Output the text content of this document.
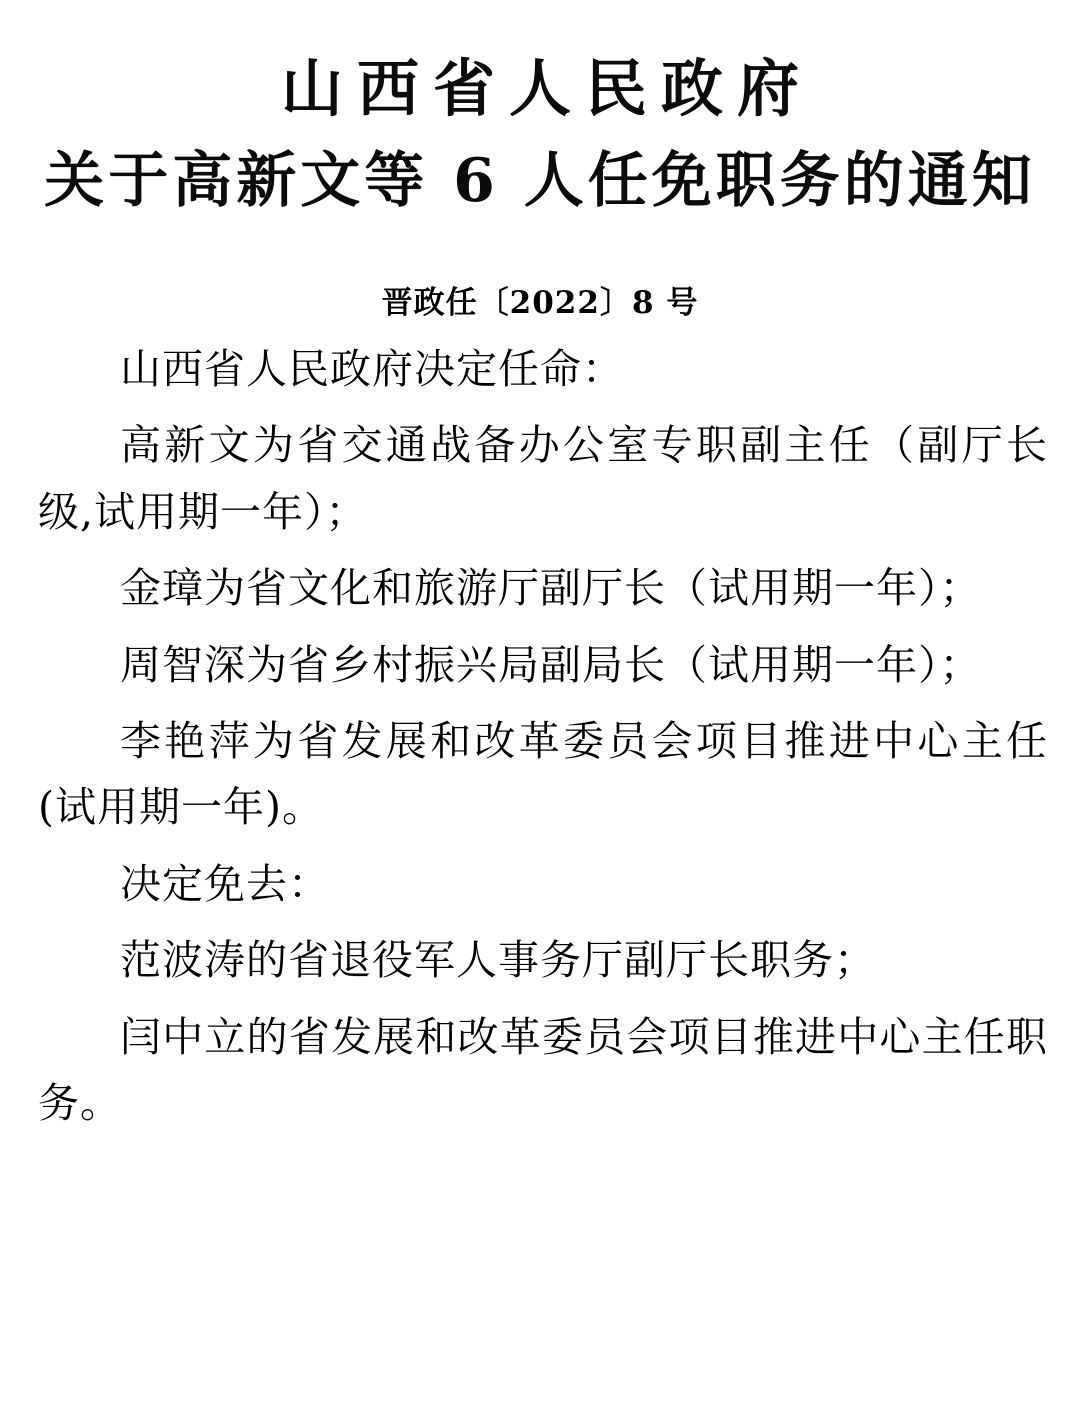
山西省人民政府
关于高新文等 6 人任免职务的通知
晋政任〔2022〕8 号

山西省人民政府决定任命：

高新文为省交通战备办公室专职副主任（副厅长级,试用期一年）；

金璋为省文化和旅游厅副厅长（试用期一年）；

周智深为省乡村振兴局副局长（试用期一年）；

李艳萍为省发展和改革委员会项目推进中心主任(试用期一年)。

决定免去：

范波涛的省退役军人事务厅副厅长职务；

闫中立的省发展和改革委员会项目推进中心主任职务。
